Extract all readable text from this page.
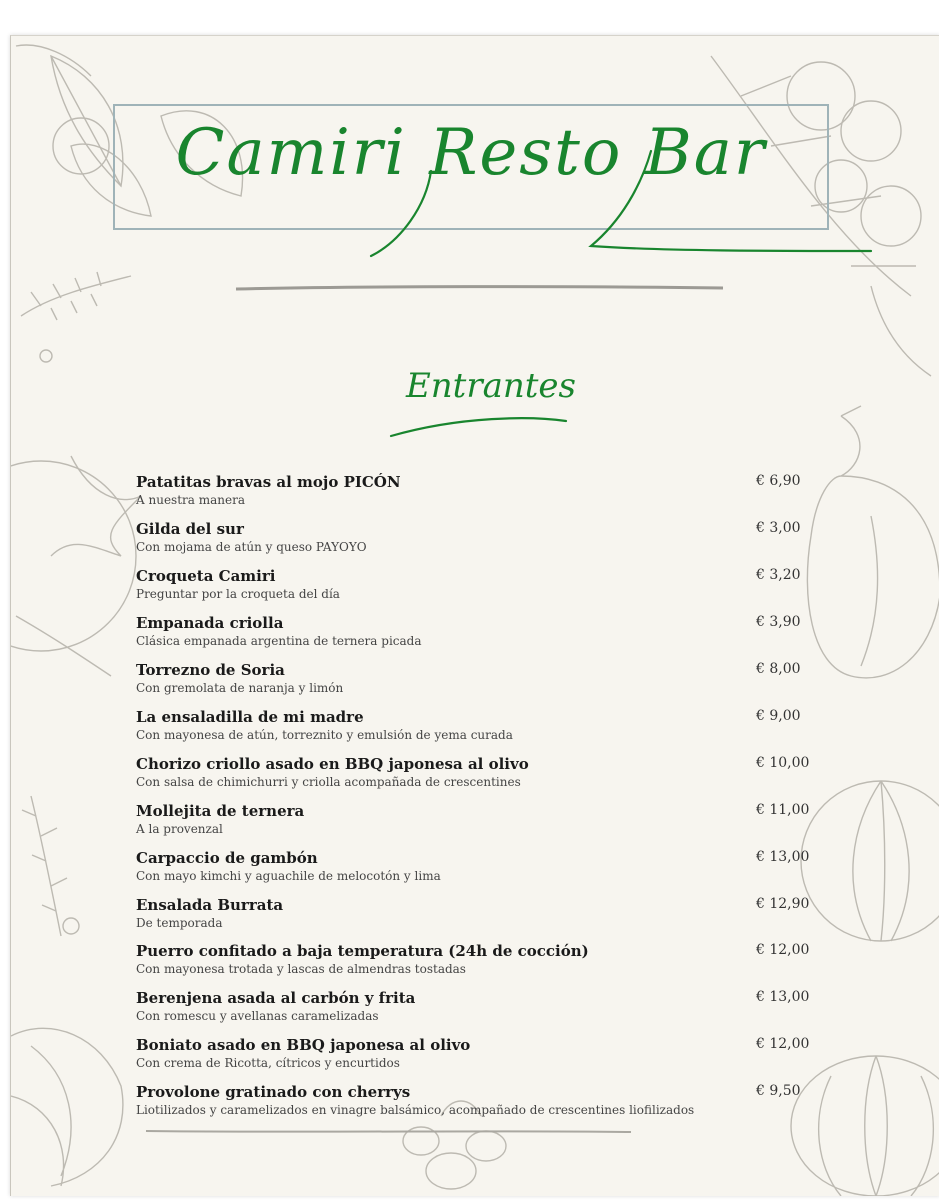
Camiri Resto Bar
Entrantes
Patatitas bravas al mojo PICÓN
A nuestra manera
€ 6,90
Gilda del sur
Con mojama de atún y queso PAYOYO
€ 3,00
Croqueta Camiri
Preguntar por la croqueta del día
€ 3,20
Empanada criolla
Clásica empanada argentina de ternera picada
€ 3,90
Torrezno de Soria
Con gremolata de naranja y limón
€ 8,00
La ensaladilla de mi madre
Con mayonesa de atún, torreznito y emulsión de yema curada
€ 9,00
Chorizo criollo asado en BBQ japonesa al olivo
Con salsa de chimichurri y criolla acompañada de crescentines
€ 10,00
Mollejita de ternera
A la provenzal
€ 11,00
Carpaccio de gambón
Con mayo kimchi y aguachile de melocotón y lima
€ 13,00
Ensalada Burrata
De temporada
€ 12,90
Puerro confitado a baja temperatura (24h de cocción)
Con mayonesa trotada y lascas de almendras tostadas
€ 12,00
Berenjena asada al carbón y frita
Con romescu y avellanas caramelizadas
€ 13,00
Boniato asado en BBQ japonesa al olivo
Con crema de Ricotta, cítricos y encurtidos
€ 12,00
Provolone gratinado con cherrys
Liotilizados y caramelizados en vinagre balsámico, acompañado de crescentines liofilizados
€ 9,50
